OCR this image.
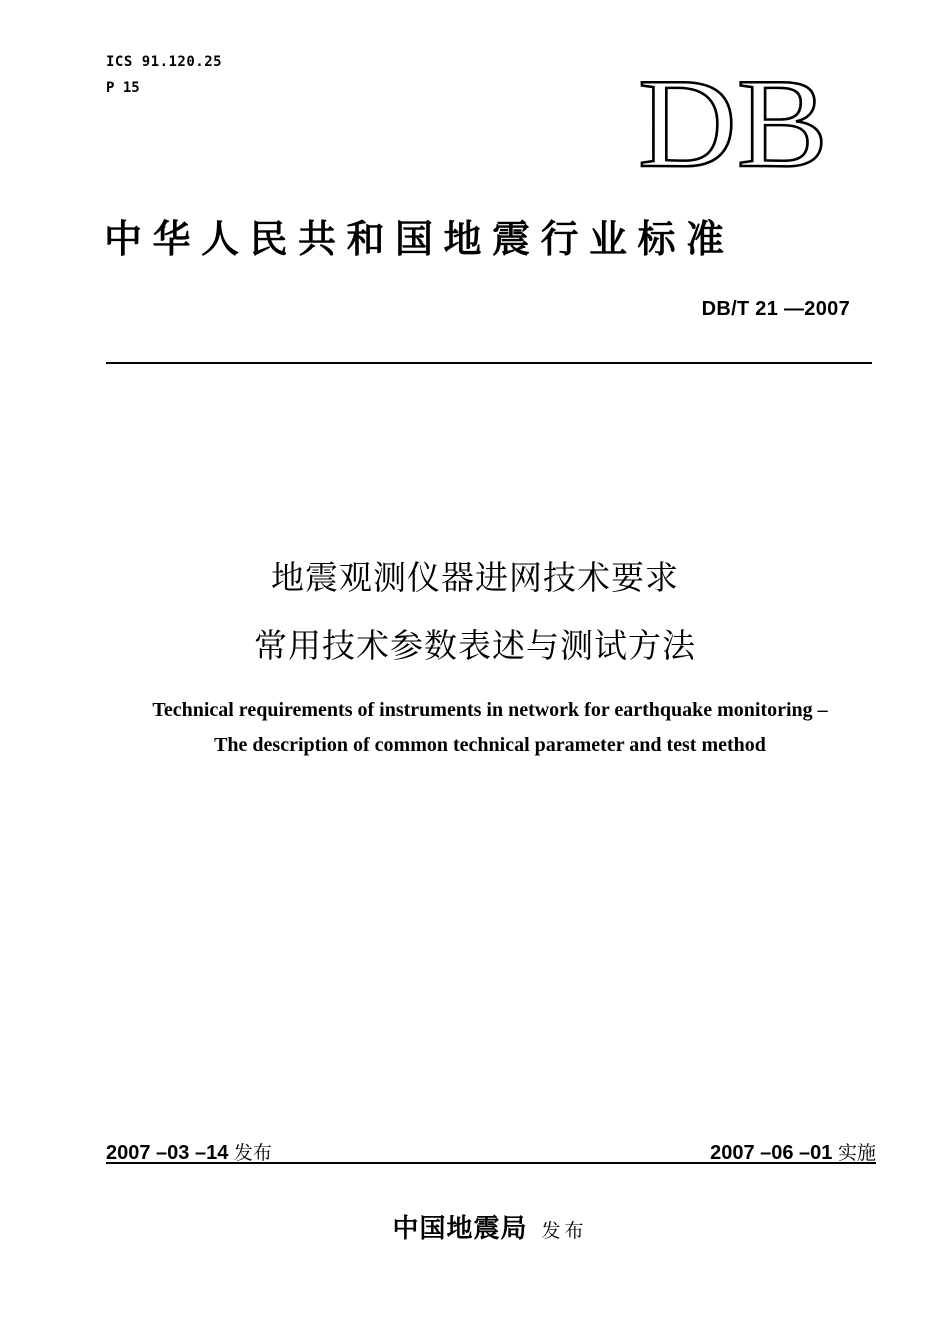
ICS 91.120.25
P 15	DB
中华人民共和国地震行业标准
DB/T 21 —2007
地震观测仪器进网技术要求
常用技术参数表述与测试方法
Technical requirements of instruments in network for earthquake monitoring –
The description of common technical parameter and test method
2007 –03 –14 发布	2007 –06 –01 实施
中国地震局 发布
